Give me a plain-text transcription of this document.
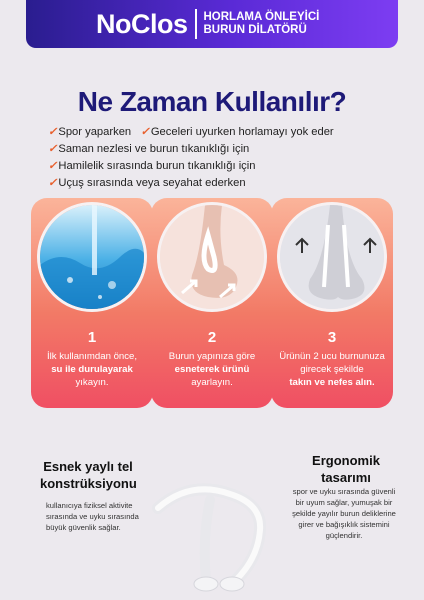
NoClos HORLAMA ÖNLEYİCİ
BURUN DİLATÖRÜ
Ne Zaman Kullanılır?
✓Spor yaparken ✓Geceleri uyurken horlamayı yok eder
✓Saman nezlesi ve burun tıkanıklığı için  ✓Hamilelik sırasında burun tıkanıklığı için
✓Uçuş sırasında veya seyahat ederken
1
İlk kullanımdan önce,
su ile durulayarak
yıkayın.
2
Burun yapınıza göre
esneterek ürünü
ayarlayın.
3
Ürünün 2 ucu burnunuza girecek şekilde
takın ve nefes alın.
Esnek yaylı tel konstrüksiyonu
kullanıcıya fiziksel aktivite sırasında ve uyku sırasında büyük güvenlik sağlar.
Ergonomik tasarımı
spor ve uyku sırasında güvenli bir uyum sağlar, yumuşak bir şekilde yayılır burun deliklerine girer ve bağışıklık sistemini güçlendirir.
